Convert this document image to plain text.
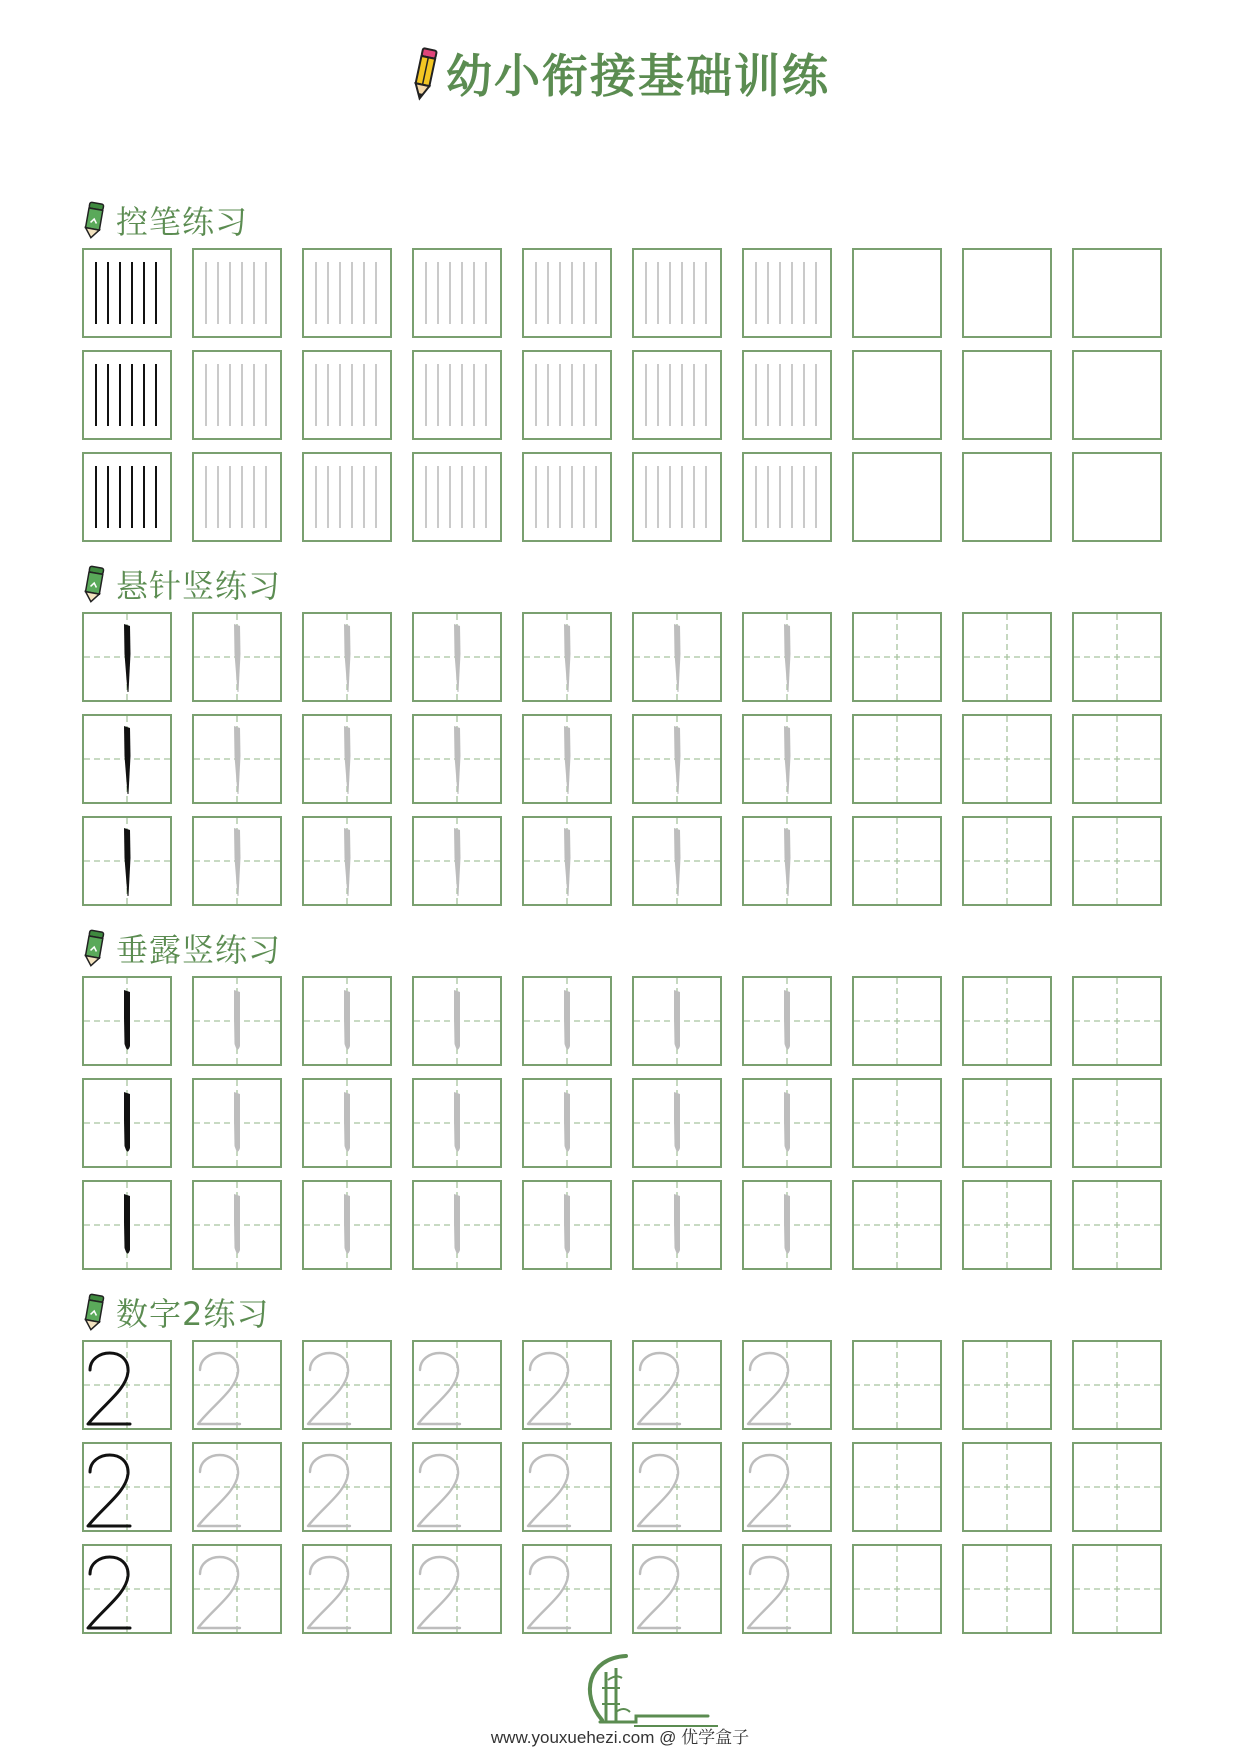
幼小衔接基础训练
控笔练习
悬针竖练习
垂露竖练习
数字2练习
www.youxuehezi.com @ 优学盒子
